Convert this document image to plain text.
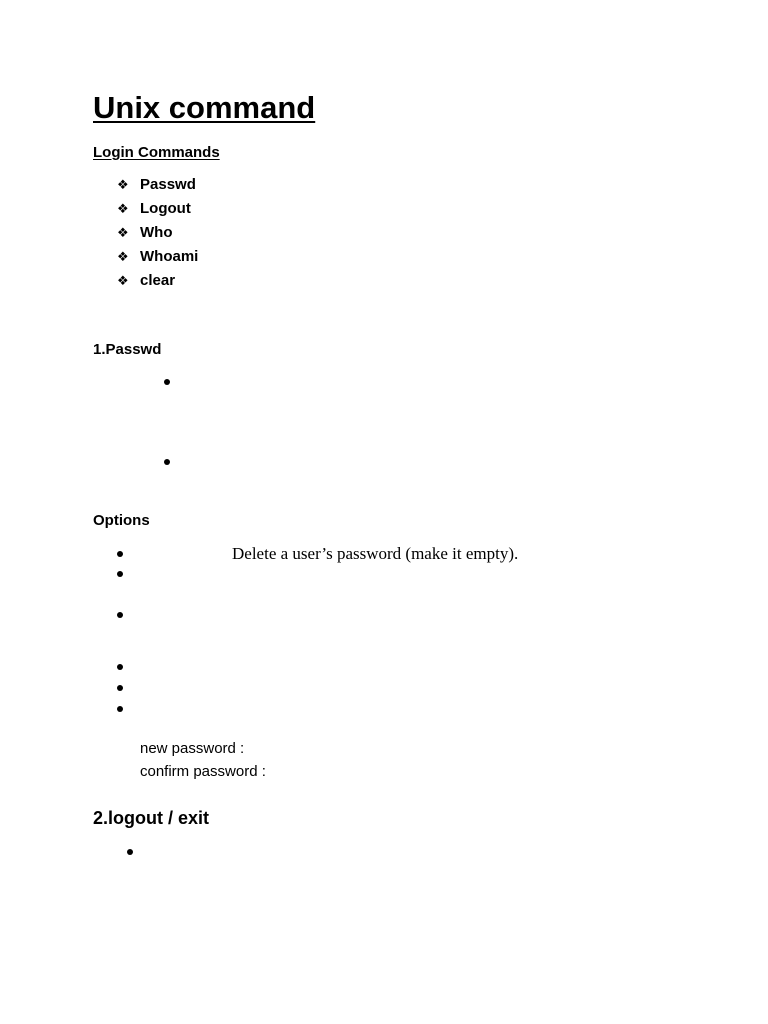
Unix command
Login Commands
❖ Passwd
❖ Logout
❖ Who
❖ Whoami
❖ clear
1.Passwd
Options
Delete a user’s password (make it empty).
new password :
confirm password :
2.logout / exit
